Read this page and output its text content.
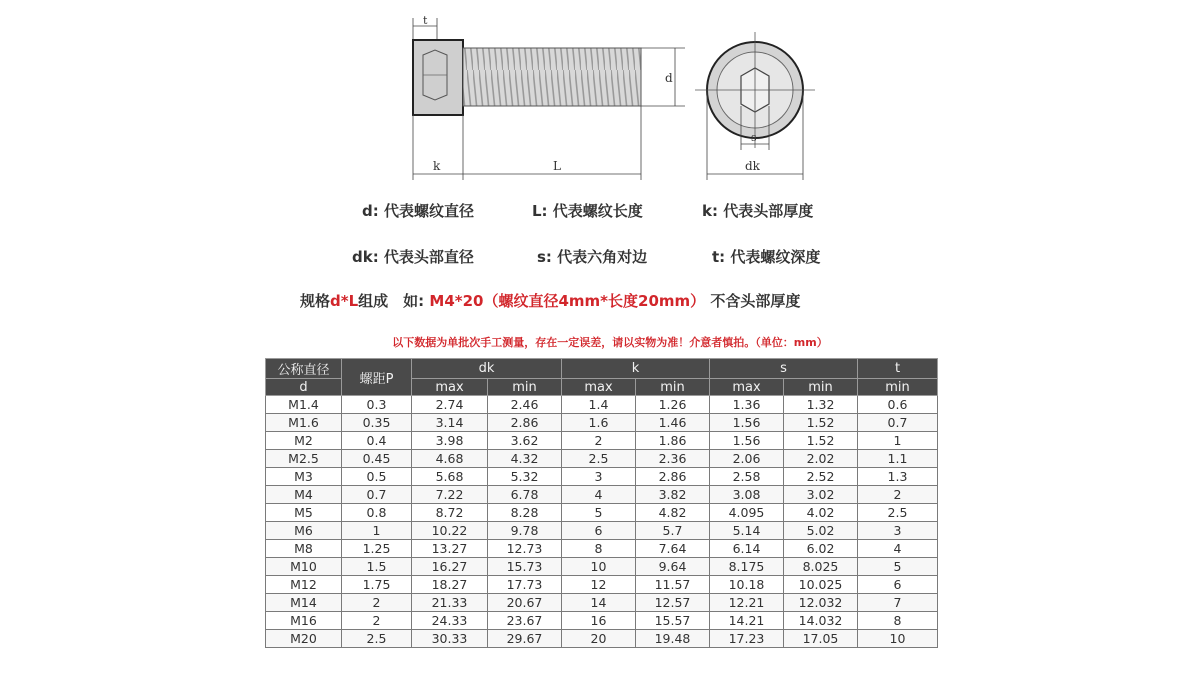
t
d
k	L
s
dk
d: 代表螺纹直径	L: 代表螺纹长度	k: 代表头部厚度
dk: 代表头部直径	s: 代表六角对边	t: 代表螺纹深度
规格d*L组成　如: M4*20（螺纹直径4mm*长度20mm） 不含头部厚度
以下数据为单批次手工测量，存在一定误差，请以实物为准！介意者慎拍。（单位：mm）
公称直径	螺距P	dk		k		s		t
d		max	min	max	min	max	min	min
M1.4	0.3	2.74	2.46	1.4	1.26	1.36	1.32	0.6
M1.6	0.35	3.14	2.86	1.6	1.46	1.56	1.52	0.7
M2	0.4	3.98	3.62	2	1.86	1.56	1.52	1
M2.5	0.45	4.68	4.32	2.5	2.36	2.06	2.02	1.1
M3	0.5	5.68	5.32	3	2.86	2.58	2.52	1.3
M4	0.7	7.22	6.78	4	3.82	3.08	3.02	2
M5	0.8	8.72	8.28	5	4.82	4.095	4.02	2.5
M6	1	10.22	9.78	6	5.7	5.14	5.02	3
M8	1.25	13.27	12.73	8	7.64	6.14	6.02	4
M10	1.5	16.27	15.73	10	9.64	8.175	8.025	5
M12	1.75	18.27	17.73	12	11.57	10.18	10.025	6
M14	2	21.33	20.67	14	12.57	12.21	12.032	7
M16	2	24.33	23.67	16	15.57	14.21	14.032	8
M20	2.5	30.33	29.67	20	19.48	17.23	17.05	10
